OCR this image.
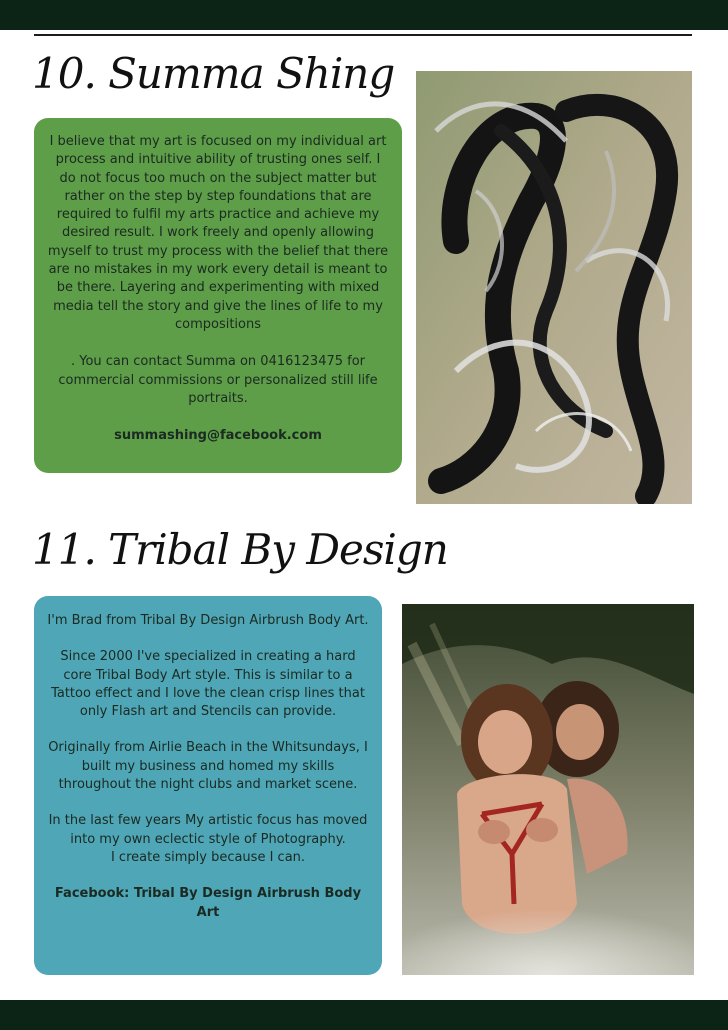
10. Summa Shing

I believe that my art is focused on my individual art process and intuitive ability of trusting ones self. I do not focus too much on the subject matter but rather on the step by step foundations that are required to fulfil my arts practice and achieve my desired result. I work freely and openly allowing myself to trust my process with the belief that there are no mistakes in my work every detail is meant to be there. Layering and experimenting with mixed media tell the story and give the lines of life to my compositions

. You can contact Summa on 0416123475 for commercial commissions or personalized still life portraits.

summashing@facebook.com

11. Tribal By Design

I'm Brad from Tribal By Design Airbrush Body Art.

Since 2000 I've specialized in creating a hard core Tribal Body Art style. This is similar to a Tattoo effect and I love the clean crisp lines that only Flash art and Stencils can provide.

Originally from Airlie Beach in the Whitsundays, I built my business and homed my skills throughout the night clubs and market scene.

In the last few years My artistic focus has moved into my own eclectic style of Photography.

I create simply because I can.

Facebook: Tribal By Design Airbrush Body Art
